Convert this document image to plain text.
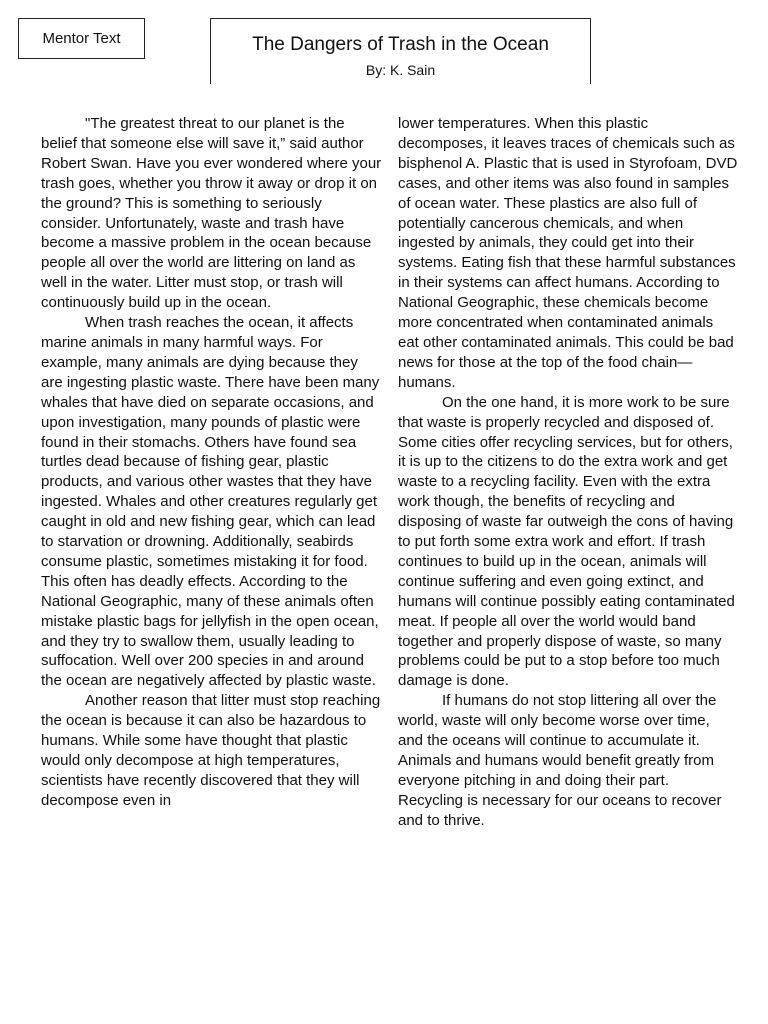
Mentor Text	The Dangers of Trash in the Ocean
By: K. Sain

"The greatest threat to our planet is the belief that someone else will save it,” said author Robert Swan. Have you ever wondered where your trash goes, whether you throw it away or drop it on the ground? This is something to seriously consider. Unfortunately, waste and trash have become a massive problem in the ocean because people all over the world are littering on land as well in the water. Litter must stop, or trash will continuously build up in the ocean.

When trash reaches the ocean, it affects marine animals in many harmful ways. For example, many animals are dying because they are ingesting plastic waste. There have been many whales that have died on separate occasions, and upon investigation, many pounds of plastic were found in their stomachs. Others have found sea turtles dead because of fishing gear, plastic products, and various other wastes that they have ingested. Whales and other creatures regularly get caught in old and new fishing gear, which can lead to starvation or drowning. Additionally, seabirds consume plastic, sometimes mistaking it for food. This often has deadly effects. According to the National Geographic, many of these animals often mistake plastic bags for jellyfish in the open ocean, and they try to swallow them, usually leading to suffocation. Well over 200 species in and around the ocean are negatively affected by plastic waste.

Another reason that litter must stop reaching the ocean is because it can also be hazardous to humans. While some have thought that plastic would only decompose at high temperatures, scientists have recently discovered that they will decompose even in

lower temperatures. When this plastic decomposes, it leaves traces of chemicals such as bisphenol A. Plastic that is used in Styrofoam, DVD cases, and other items was also found in samples of ocean water. These plastics are also full of potentially cancerous chemicals, and when ingested by animals, they could get into their systems. Eating fish that these harmful substances in their systems can affect humans. According to National Geographic, these chemicals become more concentrated when contaminated animals eat other contaminated animals. This could be bad news for those at the top of the food chain—humans.

On the one hand, it is more work to be sure that waste is properly recycled and disposed of. Some cities offer recycling services, but for others, it is up to the citizens to do the extra work and get waste to a recycling facility. Even with the extra work though, the benefits of recycling and disposing of waste far outweigh the cons of having to put forth some extra work and effort. If trash continues to build up in the ocean, animals will continue suffering and even going extinct, and humans will continue possibly eating contaminated meat. If people all over the world would band together and properly dispose of waste, so many problems could be put to a stop before too much damage is done.

If humans do not stop littering all over the world, waste will only become worse over time, and the oceans will continue to accumulate it. Animals and humans would benefit greatly from everyone pitching in and doing their part. Recycling is necessary for our oceans to recover and to thrive.
